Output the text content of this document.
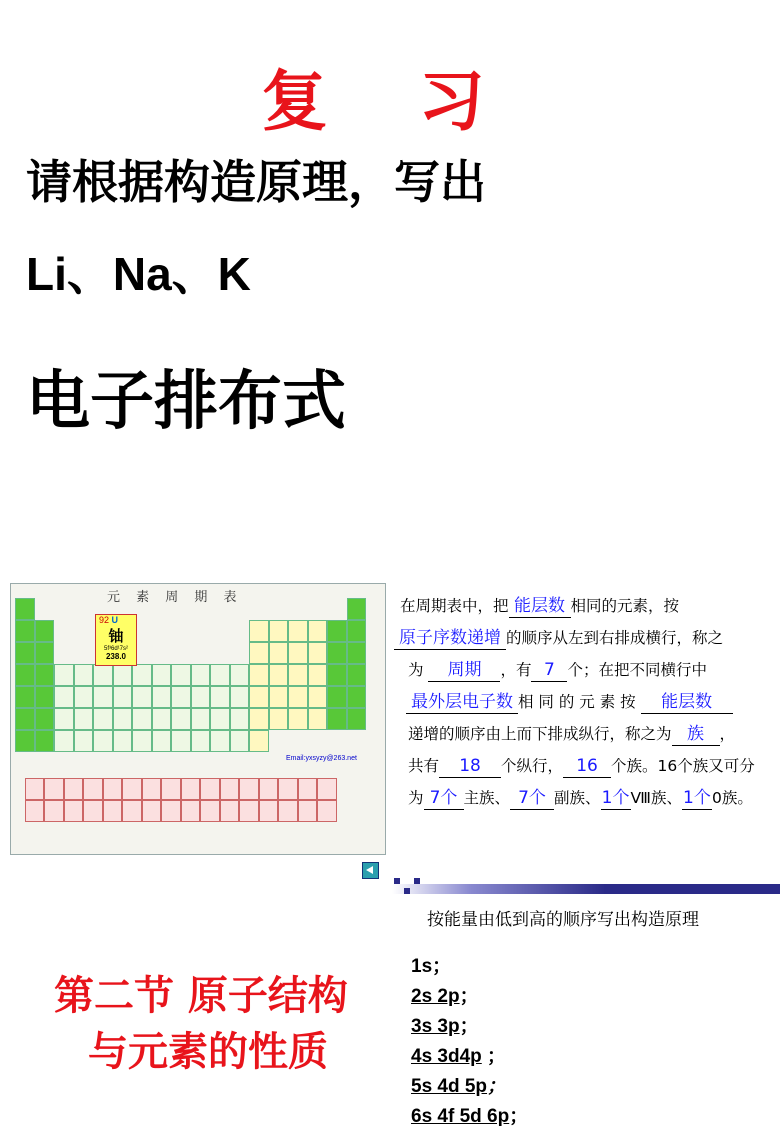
复 习
请根据构造原理，写出
Li、Na、K
电子排布式
元 素 周 期 表
92 U
铀
5f³6d¹7s²
238.0
Email:yxsyzy@263.net

在周期表中，把 能层数 相同的元素，按

原子序数递增 的顺序从左到右排成横行，称之

为 周期 ，有 7 个；在把不同横行中

最外层电子数 相 同 的 元 素 按 能层数

递增的顺序由上而下排成纵行，称之为 族 ，

共有 18 个纵行， 16 个族。16个族又可分

为 7个 主族、 7个 副族、1个Ⅷ族、1个0族。

按能量由低到高的顺序写出构造原理
1s；
2s 2p；
3s 3p；
4s 3d4p ；
5s 4d 5p；
6s 4f 5d 6p；
第二节 原子结构
与元素的性质
